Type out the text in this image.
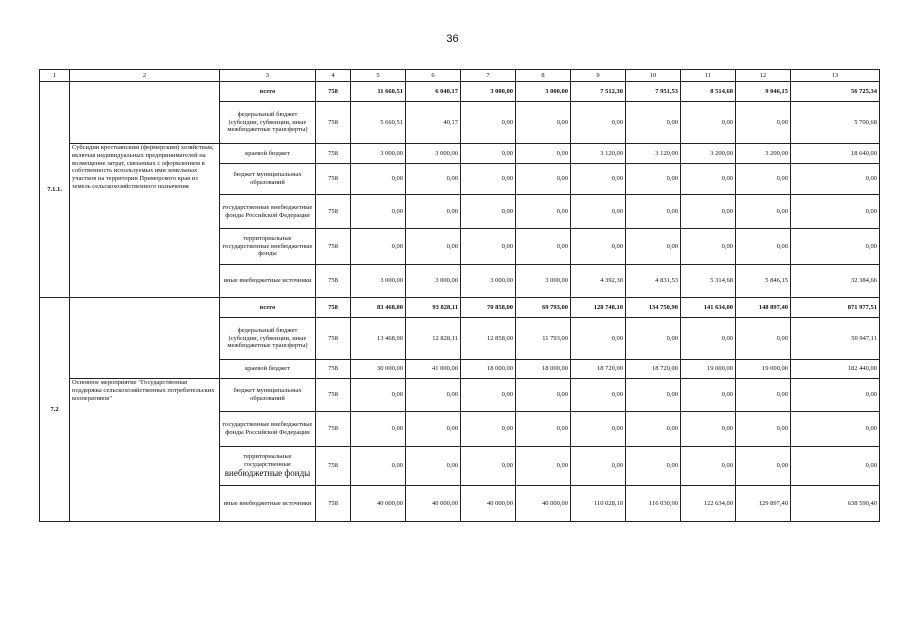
36
1	2	3	4	5	6	7	8	9	10	11	12	13
7.1.1.		всего	758	11 660,51	6 040,17	3 000,00	3 000,00	7 512,30	7 951,53	8 514,68	9 046,15	56 725,34
		федеральный бюджет (субсидии, субвенции, иные межбюджетные трансферты)	758	5 660,51	40,17	0,00	0,00	0,00	0,00	0,00	0,00	5 700,68
	Субсидии крестьянским (фермерским) хозяйствам, включая индивидуальных предпринимателей на возмещение затрат, связанных с оформлением в собственность используемых ими земельных участков на территории Приморского края из земель сельскохозяйственного назначения	краевой бюджет	758	3 000,00	3 000,00	0,00	0,00	3 120,00	3 120,00	3 200,00	3 200,00	18 640,00
		бюджет муниципальных образований	758	0,00	0,00	0,00	0,00	0,00	0,00	0,00	0,00	0,00
		государственные внебюджетные фонды Российской Федерации	758	0,00	0,00	0,00	0,00	0,00	0,00	0,00	0,00	0,00
		территориальные государственные внебюджетные фонды	758	0,00	0,00	0,00	0,00	0,00	0,00	0,00	0,00	0,00
		иные внебюджетные источники	758	3 000,00	3 000,00	3 000,00	3 000,00	4 392,30	4 831,53	5 314,68	5 846,15	32 384,66
7.2		всего	758	83 468,00	93 828,11	70 858,00	69 793,00	128 748,10	134 750,90	141 634,00	148 897,40	871 977,51
		федеральный бюджет (субсидии, субвенции, иные межбюджетные трансферты)	758	13 468,00	12 828,11	12 858,00	11 793,00	0,00	0,00	0,00	0,00	50 947,11
		краевой бюджет	758	30 000,00	41 000,00	18 000,00	18 000,00	18 720,00	18 720,00	19 000,00	19 000,00	182 440,00
	Основное мероприятие "Государственная поддержка сельскохозяйственных потребительских кооперативов"	бюджет муниципальных образований	758	0,00	0,00	0,00	0,00	0,00	0,00	0,00	0,00	0,00
		государственные внебюджетные фонды Российской Федерации	758	0,00	0,00	0,00	0,00	0,00	0,00	0,00	0,00	0,00
		территориальные государственные
внебюджетные фонды	758	0,00	0,00	0,00	0,00	0,00	0,00	0,00	0,00	0,00
		иные внебюджетные источники	758	40 000,00	40 000,00	40 000,00	40 000,00	110 028,10	116 030,90	122 634,00	129 897,40	638 590,40
